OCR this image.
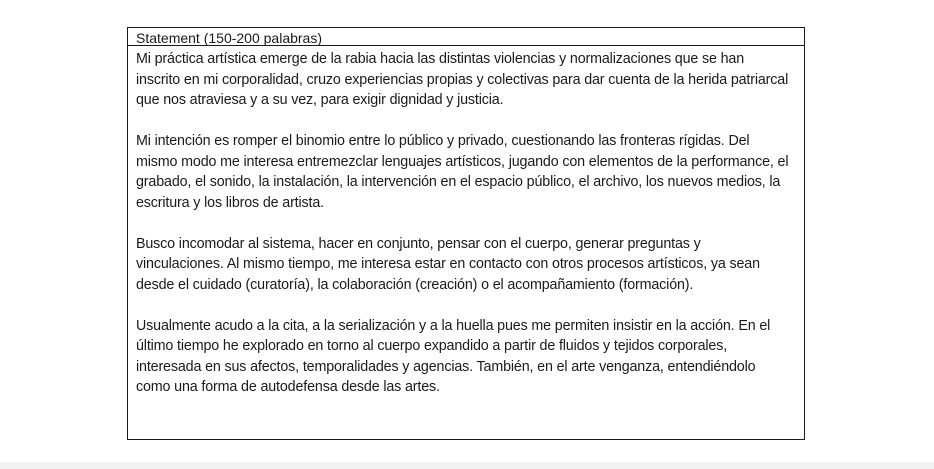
Statement (150-200 palabras)

Mi práctica artística emerge de la rabia hacia las distintas violencias y normalizaciones que se han inscrito en mi corporalidad, cruzo experiencias propias y colectivas para dar cuenta de la herida patriarcal que nos atraviesa y a su vez, para exigir dignidad y justicia.

Mi intención es romper el binomio entre lo público y privado, cuestionando las fronteras rígidas. Del mismo modo me interesa entremezclar lenguajes artísticos, jugando con elementos de la performance, el grabado, el sonido, la instalación, la intervención en el espacio público, el archivo, los nuevos medios, la escritura y los libros de artista.

Busco incomodar al sistema, hacer en conjunto, pensar con el cuerpo, generar preguntas y vinculaciones. Al mismo tiempo, me interesa estar en contacto con otros procesos artísticos, ya sean desde el cuidado (curatoría), la colaboración (creación) o el acompañamiento (formación).

Usualmente acudo a la cita, a la serialización y a la huella pues me permiten insistir en la acción. En el último tiempo he explorado en torno al cuerpo expandido a partir de fluidos y tejidos corporales, interesada en sus afectos, temporalidades y agencias. También, en el arte venganza, entendiéndolo como una forma de autodefensa desde las artes.
